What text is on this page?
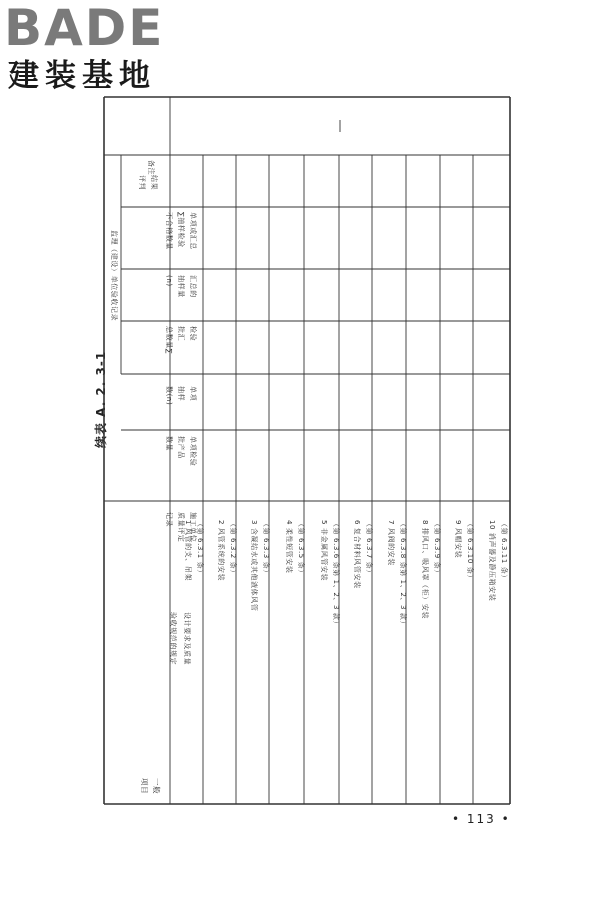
BADE
建装基地
续表 A. 2. 3-1
备注
评判 结果
单项或汇总
∑抽样检验
不合格数量
汇总的
抽样量
(n)
检验
批汇
总数量∑
监理（建设）单位验收记录
单项
抽样
数(n)
单项检验
批产品
数量
施工单位
质量评定
记录
设计要求及质量
验收规范的规定
一般
项目
1 风管的支、吊架 （第 6.3.1 条） 2 风管系统的安装 （第 6.3.2 条） 3 含凝结水或其他液体风管 （第 6.3.3 条） 4 柔性短管安装 （第 6.3.5 条） 5 非金属风管安装 （第 6.3.6 条第 1、2、3 款） 6 复合材料风管安装 （第 6.3.7 条） 7 风阀的安装 （第 6.3.8 条第 1、2、3 款） 8 排风口、吸风罩（柜）安装 （第 6.3.9 条） 9 风帽安装 （第 6.3.10 条） 10 消声器及静压箱安装 （第 6.3.11 条）
• 113 •
